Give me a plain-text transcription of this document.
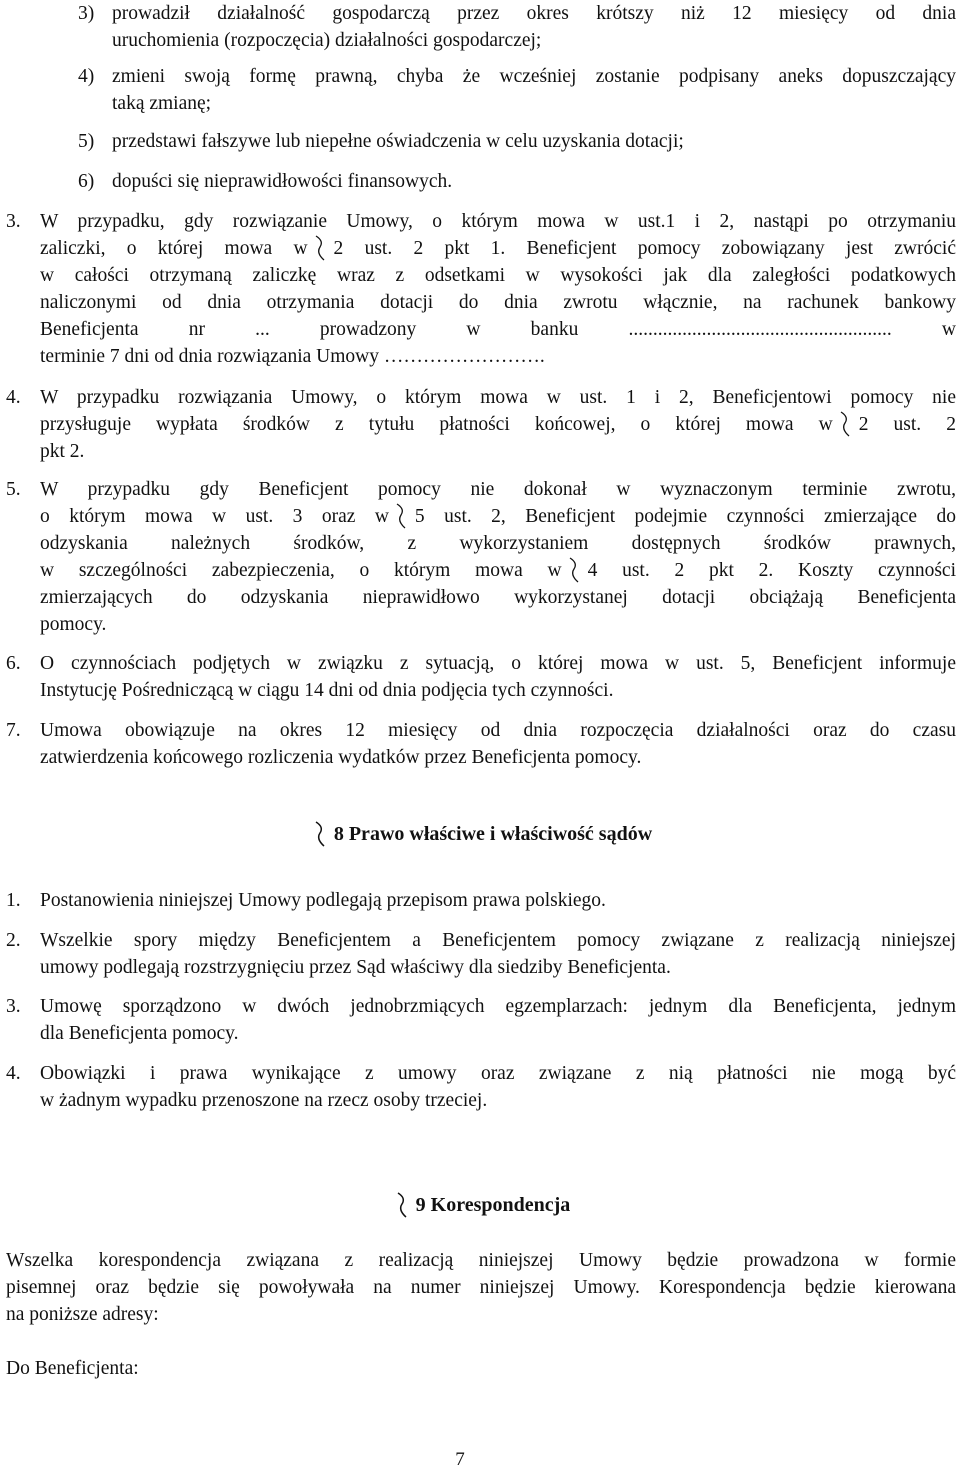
3) prowadził działalność gospodarczą przez okres krótszy niż 12 miesięcy od dnia

uruchomienia (rozpoczęcia) działalności gospodarczej;

4) zmieni swoją formę prawną, chyba że wcześniej zostanie podpisany aneks dopuszczający

taką zmianę;

5) przedstawi fałszywe lub niepełne oświadczenia w celu uzyskania dotacji;

6) dopuści się nieprawidłowości finansowych.

3. W przypadku, gdy rozwiązanie Umowy, o którym mowa w ust.1 i 2, nastąpi po otrzymaniu

zaliczki, o której mowa w 2 ust. 2 pkt 1. Beneficjent pomocy zobowiązany jest zwrócić

w całości otrzymaną zaliczkę wraz z odsetkami w wysokości jak dla zaległości podatkowych

naliczonymi od dnia otrzymania dotacji do dnia zwrotu włącznie, na rachunek bankowy

Beneficjenta nr ... prowadzony w banku ......................................................	w

terminie 7 dni od dnia rozwiązania Umowy …………………….

4. W przypadku rozwiązania Umowy, o którym mowa w ust. 1 i 2, Beneficjentowi pomocy nie

przysługuje wypłata środków z tytułu płatności końcowej, o której mowa w 2 ust. 2

pkt 2.

5. W przypadku gdy Beneficjent pomocy nie dokonał w wyznaczonym terminie zwrotu,

o którym mowa w ust. 3 oraz w 5 ust. 2, Beneficjent podejmie czynności zmierzające do

odzyskania należnych środków, z wykorzystaniem dostępnych środków prawnych,

w szczególności zabezpieczenia, o którym mowa w 4 ust. 2 pkt 2. Koszty czynności

zmierzających do odzyskania nieprawidłowo wykorzystanej dotacji obciążają Beneficjenta

pomocy.

6. O czynnościach podjętych w związku z sytuacją, o której mowa w ust. 5, Beneficjent informuje

Instytucję Pośredniczącą w ciągu 14 dni od dnia podjęcia tych czynności.

7. Umowa obowiązuje na okres 12 miesięcy od dnia rozpoczęcia działalności oraz do czasu

zatwierdzenia końcowego rozliczenia wydatków przez Beneficjenta pomocy.

8 Prawo właściwe i właściwość sądów
1. Postanowienia niniejszej Umowy podlegają przepisom prawa polskiego.

2. Wszelkie spory między Beneficjentem a Beneficjentem pomocy związane z realizacją niniejszej

umowy podlegają rozstrzygnięciu przez Sąd właściwy dla siedziby Beneficjenta.

3. Umowę sporządzono w dwóch jednobrzmiących egzemplarzach: jednym dla Beneficjenta, jednym

dla Beneficjenta pomocy.

4. Obowiązki i prawa wynikające z umowy oraz związane z nią płatności nie mogą być

w żadnym wypadku przenoszone na rzecz osoby trzeciej.

9 Korespondencja

Wszelka korespondencja związana z realizacją niniejszej Umowy będzie prowadzona w formie

pisemnej oraz będzie się powoływała na numer niniejszej Umowy. Korespondencja będzie kierowana

na poniższe adresy:

Do Beneficjenta:
7
